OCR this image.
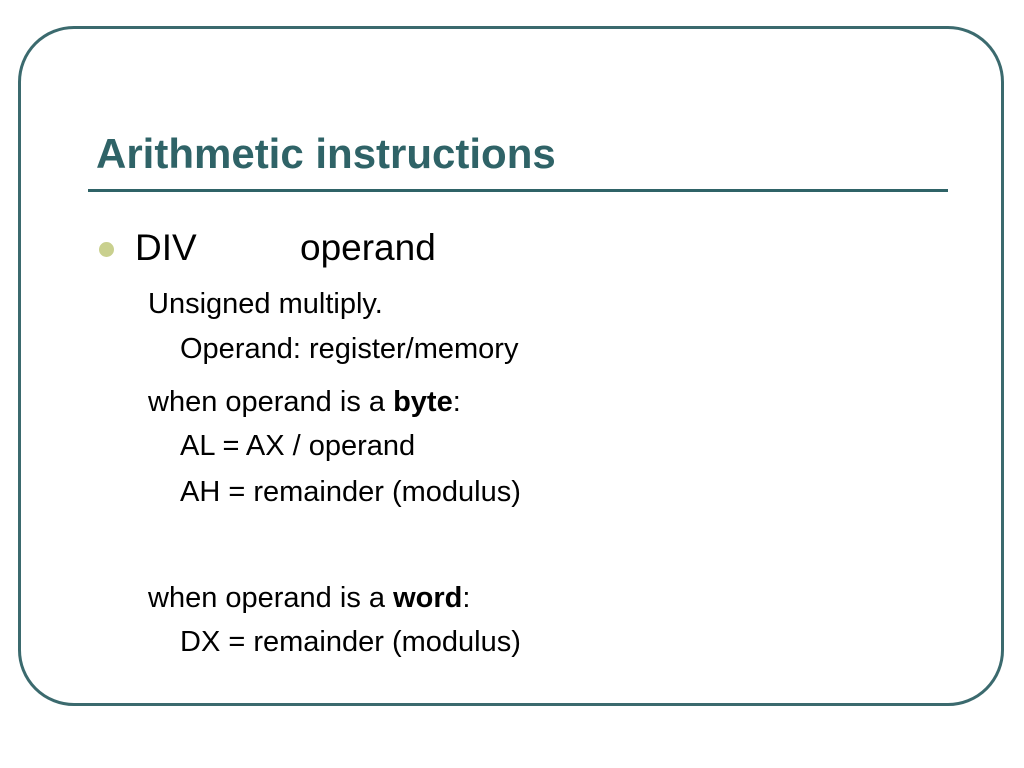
Arithmetic instructions
DIV	operand
Unsigned multiply.
Operand: register/memory
when operand is a byte:
AL = AX / operand
AH = remainder (modulus)
when operand is a word:
DX = remainder (modulus)
